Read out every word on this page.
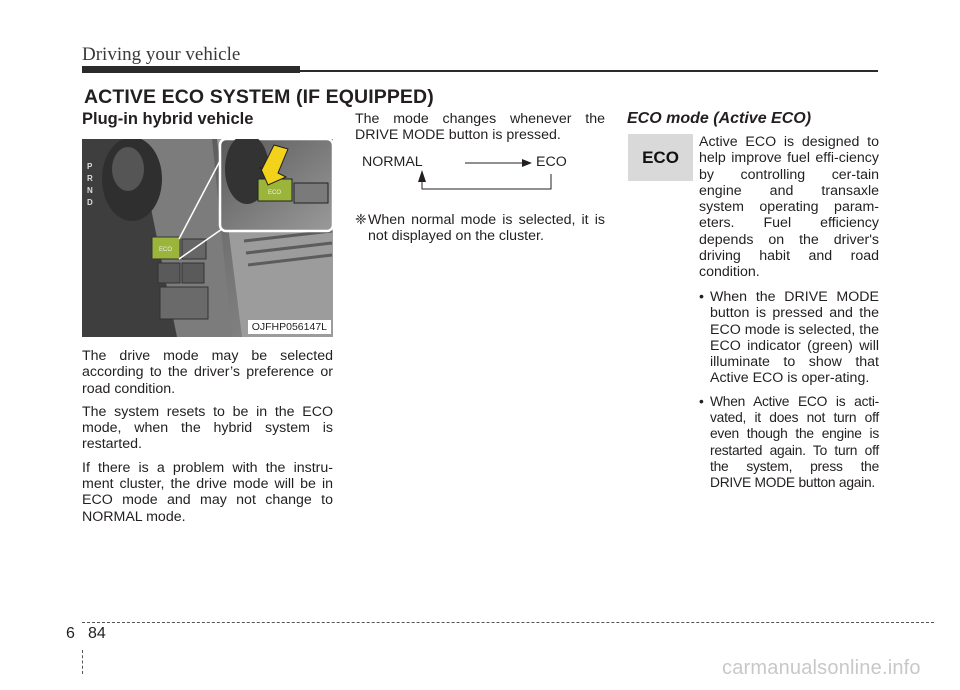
Driving your vehicle
ACTIVE ECO SYSTEM (IF EQUIPPED)
Plug-in hybrid vehicle
P
R
N
D
ECO
ECO
OJFHP056147L

The drive mode may be selected according to the driver’s preference or road condition.

The system resets to be in the ECO mode, when the hybrid system is restarted.

If there is a problem with the instru-ment cluster, the drive mode will be in ECO mode and may not change to NORMAL mode.

The mode changes whenever the DRIVE MODE button is pressed.
NORMAL	ECO
❈ When normal mode is selected, it is not displayed on the cluster.
ECO mode (Active ECO)
ECO
Active ECO is designed to help improve fuel effi-ciency by controlling cer-tain engine and transaxle system operating param-eters. Fuel efficiency depends on the driver's driving habit and road condition.
• When the DRIVE MODE button is pressed and the ECO mode is selected, the ECO indicator (green) will illuminate to show that Active ECO is oper-ating.
• When Active ECO is acti-vated, it does not turn off even though the engine is restarted again. To turn off the system, press the DRIVE MODE button again.
6 84
carmanualsonline.info
